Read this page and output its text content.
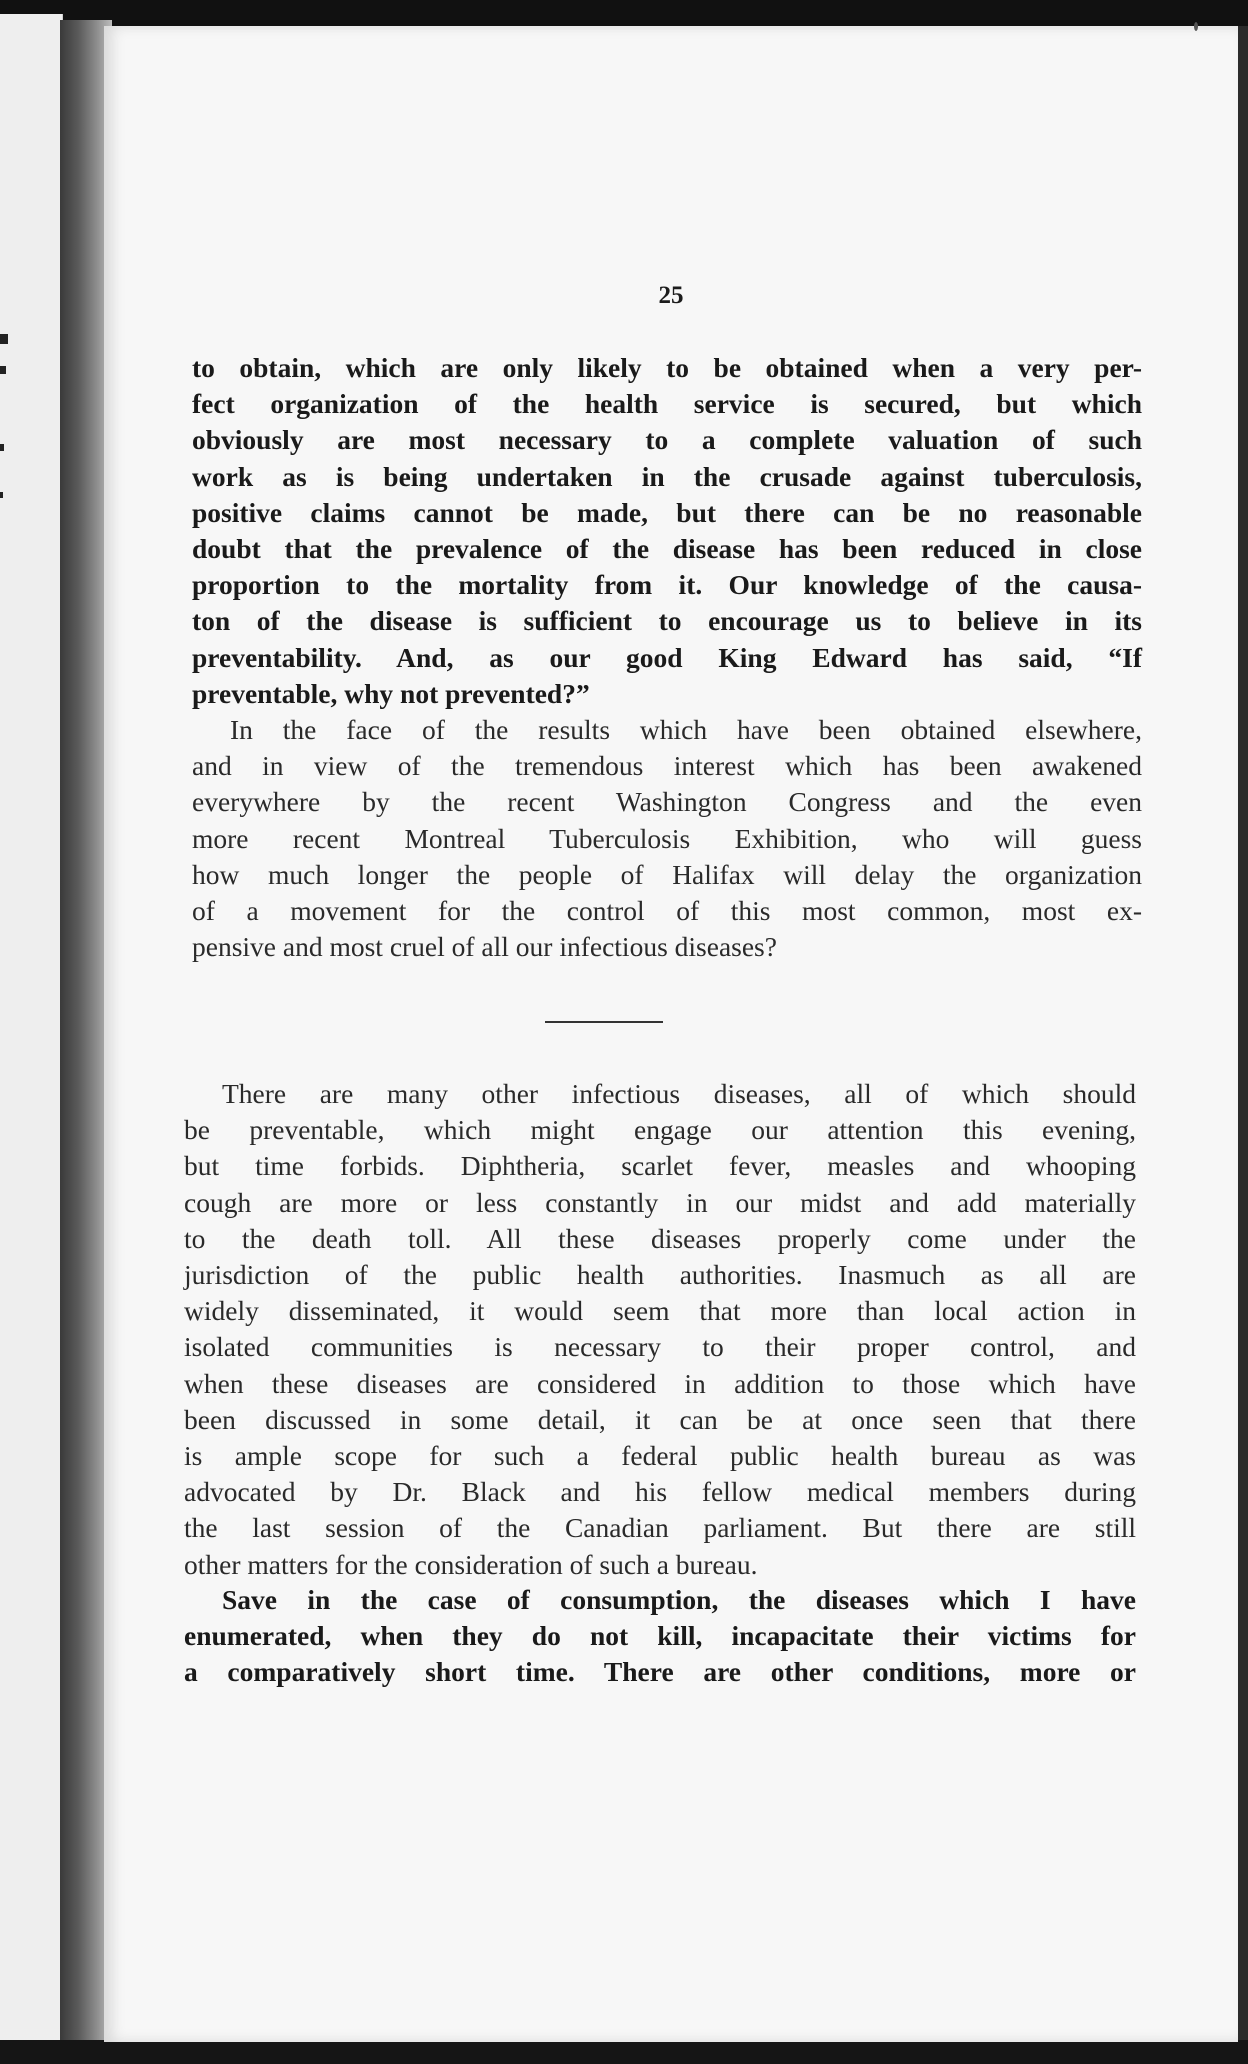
25
to obtain, which are only likely to be obtained when a very per-
fect organization of the health service is secured, but which
obviously are most necessary to a complete valuation of such
work as is being undertaken in the crusade against tuberculosis,
positive claims cannot be made, but there can be no reasonable
doubt that the prevalence of the disease has been reduced in close
proportion to the mortality from it. Our knowledge of the causa-
ton of the disease is sufficient to encourage us to believe in its
preventability. And, as our good King Edward has said, “If
preventable, why not prevented?”
In the face of the results which have been obtained elsewhere,
and in view of the tremendous interest which has been awakened
everywhere by the recent Washington Congress and the even
more recent Montreal Tuberculosis Exhibition, who will guess
how much longer the people of Halifax will delay the organization
of a movement for the control of this most common, most ex-
pensive and most cruel of all our infectious diseases?
There are many other infectious diseases, all of which should
be preventable, which might engage our attention this evening,
but time forbids. Diphtheria, scarlet fever, measles and whooping
cough are more or less constantly in our midst and add materially
to the death toll. All these diseases properly come under the
jurisdiction of the public health authorities. Inasmuch as all are
widely disseminated, it would seem that more than local action in
isolated communities is necessary to their proper control, and
when these diseases are considered in addition to those which have
been discussed in some detail, it can be at once seen that there
is ample scope for such a federal public health bureau as was
advocated by Dr. Black and his fellow medical members during
the last session of the Canadian parliament. But there are still
other matters for the consideration of such a bureau.
Save in the case of consumption, the diseases which I have
enumerated, when they do not kill, incapacitate their victims for
a comparatively short time. There are other conditions, more or
